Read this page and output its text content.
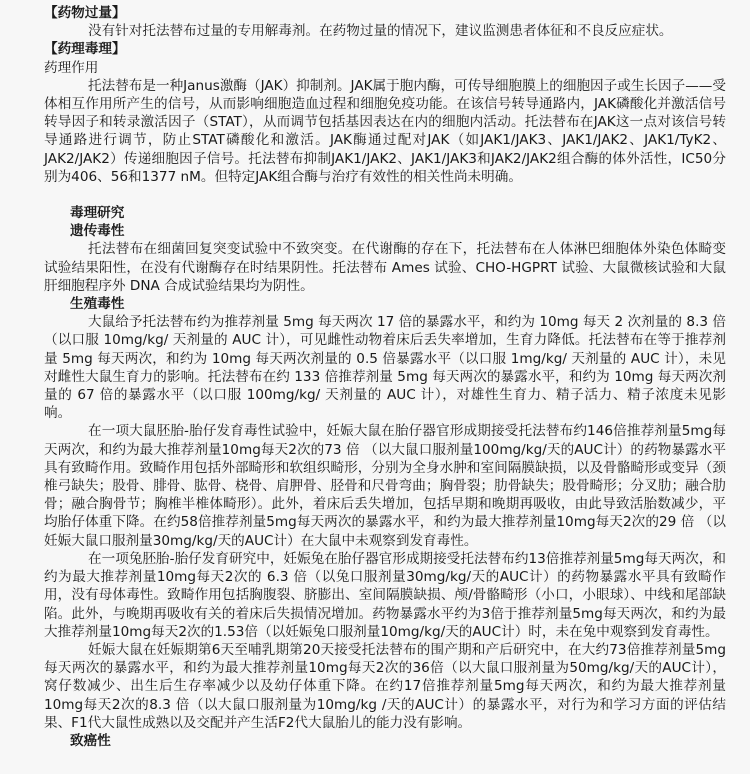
【药物过量】
没有针对托法替布过量的专用解毒剂。在药物过量的情况下，建议监测患者体征和不良反应症状。
【药理毒理】
药理作用
托法替布是一种Janus激酶（JAK）抑制剂。JAK属于胞内酶，可传导细胞膜上的细胞因子或生长因子——受体相互作用所产生的信号，从而影响细胞造血过程和细胞免疫功能。在该信号转导通路内，JAK磷酸化并激活信号转导因子和转录激活因子（STAT），从而调节包括基因表达在内的细胞内活动。托法替布在JAK这一点对该信号转导通路进行调节，防止STAT磷酸化和激活。JAK酶通过配对JAK（如JAK1/JAK3、JAK1/JAK2、JAK1/TyK2、JAK2/JAK2）传递细胞因子信号。托法替布抑制JAK1/JAK2、JAK1/JAK3和JAK2/JAK2组合酶的体外活性，IC50分别为406、56和1377 nM。但特定JAK组合酶与治疗有效性的相关性尚未明确。
毒理研究
遗传毒性
托法替布在细菌回复突变试验中不致突变。在代谢酶的存在下，托法替布在人体淋巴细胞体外染色体畸变试验结果阳性，在没有代谢酶存在时结果阴性。托法替布 Ames 试验、CHO-HGPRT 试验、大鼠微核试验和大鼠肝细胞程序外 DNA 合成试验结果均为阴性。
生殖毒性
大鼠给予托法替布约为推荐剂量 5mg 每天两次 17 倍的暴露水平，和约为 10mg 每天 2 次剂量的 8.3 倍（以口服 10mg/kg/ 天剂量的 AUC 计），可见雌性动物着床后丢失率增加，生育力降低。托法替布在等于推荐剂量 5mg 每天两次，和约为 10mg 每天两次剂量的 0.5 倍暴露水平（以口服 1mg/kg/ 天剂量的 AUC 计），未见对雌性大鼠生育力的影响。托法替布在约 133 倍推荐剂量 5mg 每天两次的暴露水平，和约为 10mg 每天两次剂量的 67 倍的暴露水平（以口服 100mg/kg/ 天剂量的 AUC 计），对雄性生育力、精子活力、精子浓度未见影响。
在一项大鼠胚胎-胎仔发育毒性试验中，妊娠大鼠在胎仔器官形成期接受托法替布约146倍推荐剂量5mg每天两次，和约为最大推荐剂量10mg每天2次的73 倍 （以大鼠口服剂量100mg/kg/天的AUC计）的药物暴露水平具有致畸作用。致畸作用包括外部畸形和软组织畸形，分别为全身水肿和室间隔膜缺损，以及骨骼畸形或变异（颈椎弓缺失；股骨、腓骨、肱骨、桡骨、肩胛骨、胫骨和尺骨弯曲；胸骨裂；肋骨缺失；股骨畸形；分叉肋；融合肋骨；融合胸骨节；胸椎半椎体畸形）。此外，着床后丢失增加，包括早期和晚期再吸收，由此导致活胎数减少，平均胎仔体重下降。在约58倍推荐剂量5mg每天两次的暴露水平，和约为最大推荐剂量10mg每天2次的29 倍 （以妊娠大鼠口服剂量30mg/kg/天的AUC计）在大鼠中未观察到发育毒性。
在一项兔胚胎-胎仔发育研究中，妊娠兔在胎仔器官形成期接受托法替布约13倍推荐剂量5mg每天两次，和约为最大推荐剂量10mg每天2次的 6.3 倍（以兔口服剂量30mg/kg/天的AUC计）的药物暴露水平具有致畸作用，没有母体毒性。致畸作用包括胸腹裂、脐膨出、室间隔膜缺损、颅/骨骼畸形（小口，小眼球）、中线和尾部缺陷。此外，与晚期再吸收有关的着床后失损情况增加。药物暴露水平约为3倍于推荐剂量5mg每天两次，和约为最大推荐剂量10mg每天2次的1.53倍（以妊娠兔口服剂量10mg/kg/天的AUC计）时，未在兔中观察到发育毒性。
妊娠大鼠在妊娠期第6天至哺乳期第20天接受托法替布的围产期和产后研究中，在大约73倍推荐剂量5mg每天两次的暴露水平，和约为最大推荐剂量10mg每天2次的36倍（以大鼠口服剂量为50mg/kg/天的AUC计），窝仔数减少、出生后生存率减少以及幼仔体重下降。在约17倍推荐剂量5mg每天两次，和约为最大推荐剂量10mg每天2次的8.3 倍（以大鼠口服剂量为10mg/kg /天的AUC计）的暴露水平，对行为和学习方面的评估结果、F1代大鼠性成熟以及交配并产生活F2代大鼠胎儿的能力没有影响。
致癌性
